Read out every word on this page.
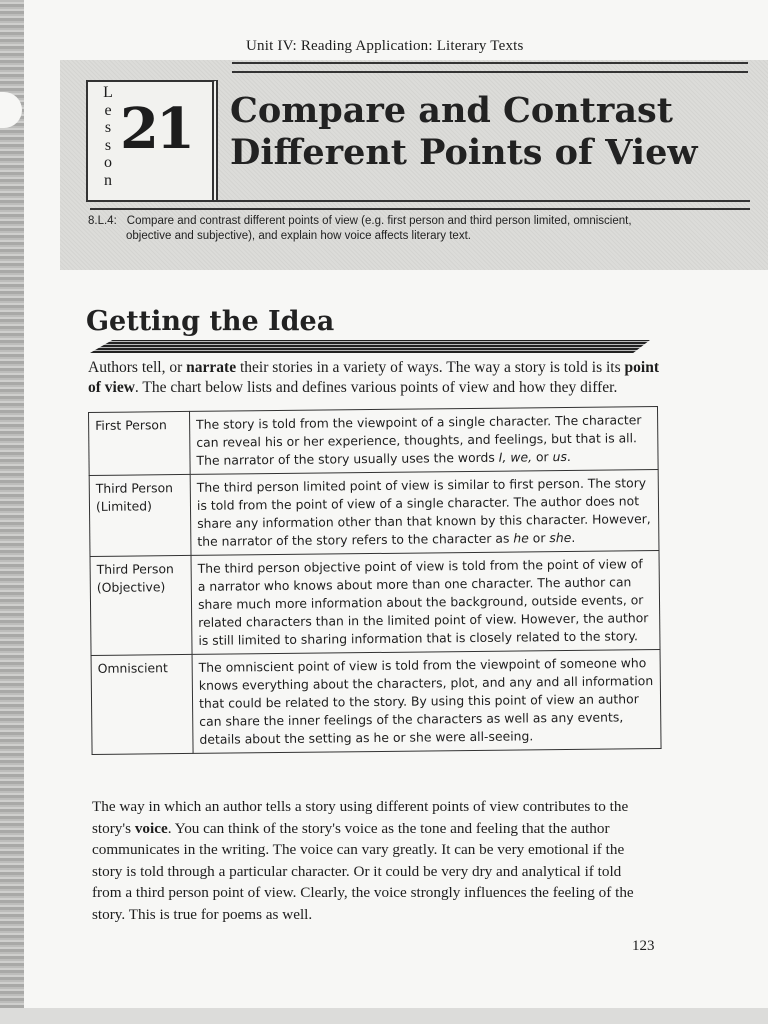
Unit IV: Reading Application: Literary Texts
L
e
s
s
o
n
21 Compare and Contrast
Different Points of View
8.L.4: Compare and contrast different points of view (e.g. first person and third person limited, omniscient,
objective and subjective), and explain how voice affects literary text.
Getting the Idea
Authors tell, or narrate their stories in a variety of ways. The way a story is told is its point of view. The chart below lists and defines various points of view and how they differ.
First Person	The story is told from the viewpoint of a single character. The character can reveal his or her experience, thoughts, and feelings, but that is all. The narrator of the story usually uses the words I, we, or us.
Third Person
(Limited)	The third person limited point of view is similar to first person. The story is told from the point of view of a single character. The author does not share any information other than that known by this character. However, the narrator of the story refers to the character as he or she.
Third Person
(Objective)	The third person objective point of view is told from the point of view of a narrator who knows about more than one character. The author can share much more information about the background, outside events, or related characters than in the limited point of view. However, the author is still limited to sharing information that is closely related to the story.
Omniscient	The omniscient point of view is told from the viewpoint of someone who knows everything about the characters, plot, and any and all information that could be related to the story. By using this point of view an author can share the inner feelings of the characters as well as any events, details about the setting as he or she were all-seeing.
The way in which an author tells a story using different points of view contributes to the story's voice. You can think of the story's voice as the tone and feeling that the author communicates in the writing. The voice can vary greatly. It can be very emotional if the story is told through a particular character. Or it could be very dry and analytical if told from a third person point of view. Clearly, the voice strongly influences the feeling of the story. This is true for poems as well.
123
